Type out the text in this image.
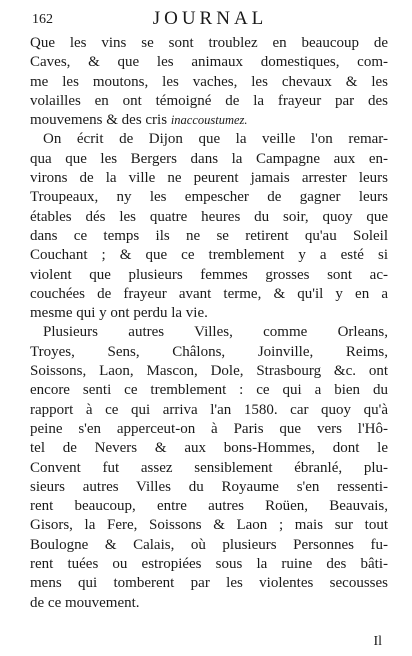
162	JOURNAL
Que les vins se sont troublez en beaucoup de
Caves, & que les animaux domestiques, com-
me les moutons, les vaches, les chevaux & les
volailles en ont témoigné de la frayeur par des
mouvemens & des cris inaccoustumez.
On écrit de Dijon que la veille l'on remar-
qua que les Bergers dans la Campagne aux en-
virons de la ville ne peurent jamais arrester leurs
Troupeaux, ny les empescher de gagner leurs
étables dés les quatre heures du soir, quoy que
dans ce temps ils ne se retirent qu'au Soleil
Couchant ; & que ce tremblement y a esté si
violent que plusieurs femmes grosses sont ac-
couchées de frayeur avant terme, & qu'il y en a
mesme qui y ont perdu la vie.
Plusieurs autres Villes, comme Orleans,
Troyes, Sens, Châlons, Joinville, Reims,
Soissons, Laon, Mascon, Dole, Strasbourg &c. ont
encore senti ce tremblement : ce qui a bien du
rapport à ce qui arriva l'an 1580. car quoy qu'à
peine s'en apperceut-on à Paris que vers l'Hô-
tel de Nevers & aux bons-Hommes, dont le
Convent fut assez sensiblement ébranlé, plu-
sieurs autres Villes du Royaume s'en ressenti-
rent beaucoup, entre autres Roüen, Beauvais,
Gisors, la Fere, Soissons & Laon ; mais sur tout
Boulogne & Calais, où plusieurs Personnes fu-
rent tuées ou estropiées sous la ruine des bâti-
mens qui tomberent par les violentes secousses
de ce mouvement.
Il
